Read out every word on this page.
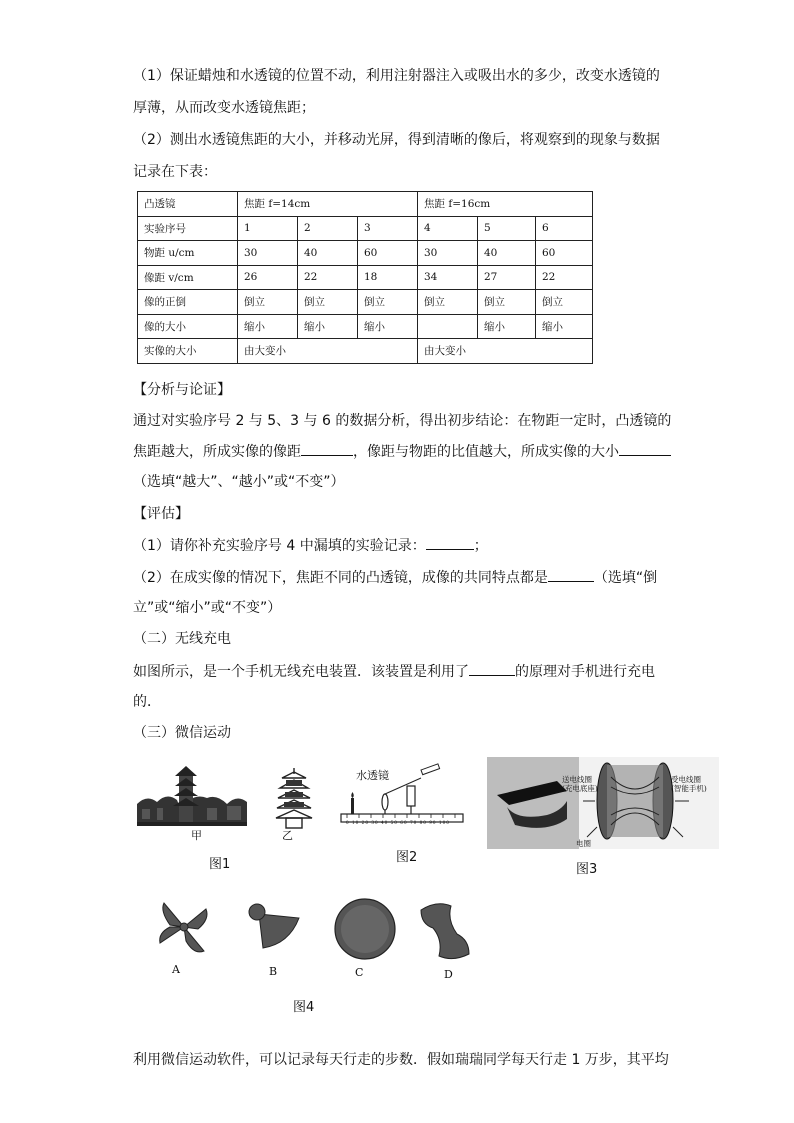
（1）保证蜡烛和水透镜的位置不动，利用注射器注入或吸出水的多少，改变水透镜的
厚薄，从而改变水透镜焦距；
（2）测出水透镜焦距的大小，并移动光屏，得到清晰的像后，将观察到的现象与数据
记录在下表：
凸透镜	焦距 f=14cm			焦距 f=16cm		
实验序号	1	2	3	4	5	6
物距 u/cm	30	40	60	30	40	60
像距 v/cm	26	22	18	34	27	22
像的正倒	倒立	倒立	倒立	倒立	倒立	倒立
像的大小	缩小	缩小	缩小		缩小	缩小
实像的大小	由大变小			由大变小		
【分析与论证】
通过对实验序号 2 与 5、3 与 6 的数据分析，得出初步结论：在物距一定时，凸透镜的
焦距越大，所成实像的像距	，像距与物距的比值越大，所成实像的大小
（选填“越大”、“越小”或“不变”）
【评估】
（1）请你补充实验序号 4 中漏填的实验记录：	；
（2）在成实像的情况下，焦距不同的凸透镜，成像的共同特点都是	（选填“倒
立”或“缩小”或“不变”）
（二）无线充电
如图所示，是一个手机无线充电装置．该装置是利用了	的原理对手机进行充电
的．
（三）微信运动
甲	乙
图1
水透镜
0 10 20 30 40 50 60 70 80 90 100
图2
送电线圈
(充电底座)
受电线圈
(智能手机)
电圈
图3
A	B	C	D
图4
利用微信运动软件，可以记录每天行走的步数．假如瑞瑞同学每天行走 1 万步，其平均
